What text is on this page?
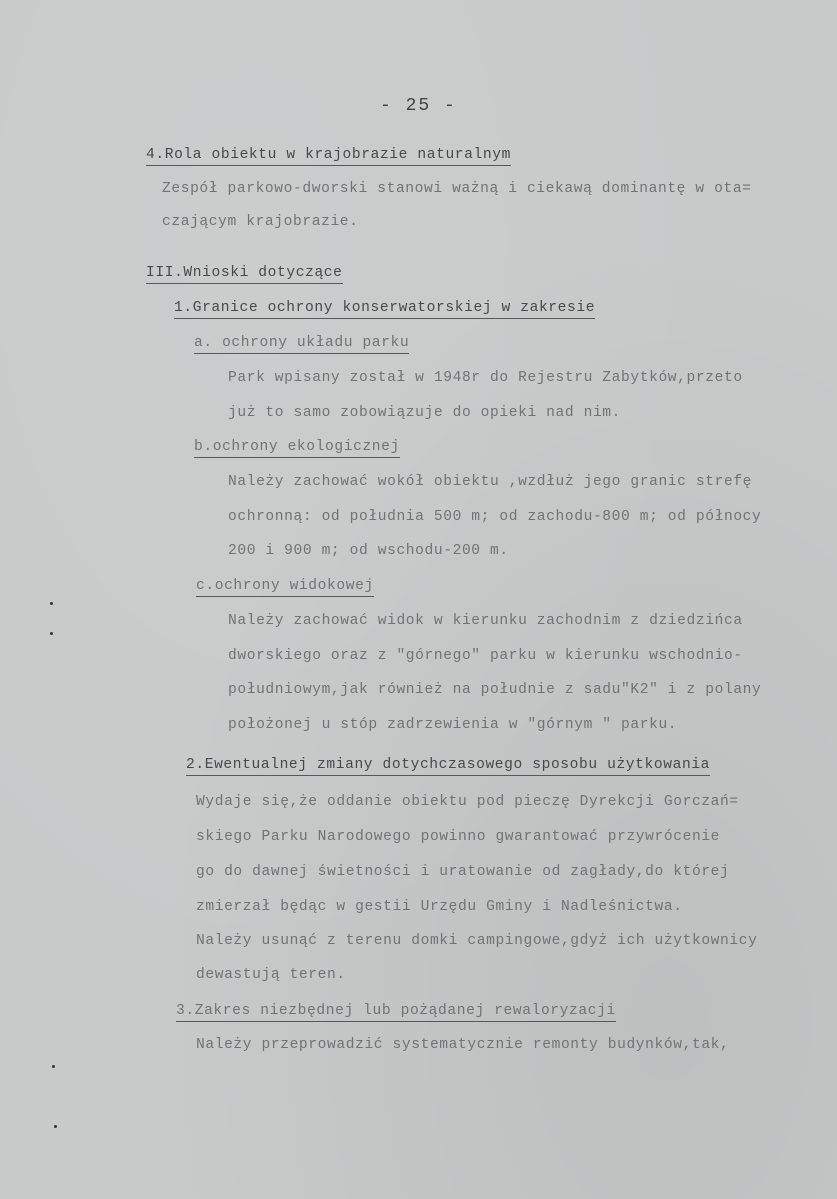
- 25 -
4.Rola obiektu w krajobrazie naturalnym
Zespół parkowo-dworski stanowi ważną i ciekawą dominantę w ota=
czającym krajobrazie.
III.Wnioski dotyczące
1.Granice ochrony konserwatorskiej w zakresie
a. ochrony układu parku
Park wpisany został w 1948r do Rejestru Zabytków,przeto
już to samo zobowiązuje do opieki nad nim.
b.ochrony ekologicznej
Należy zachować wokół obiektu ,wzdłuż jego granic strefę
ochronną: od południa 500 m; od zachodu-800 m; od północy
200 i 900 m; od wschodu-200 m.
c.ochrony widokowej
Należy zachować widok w kierunku zachodnim z dziedzińca
dworskiego oraz z "górnego" parku w kierunku wschodnio-
południowym,jak również na południe z sadu"K2" i z polany
położonej u stóp zadrzewienia w "górnym " parku.
2.Ewentualnej zmiany dotychczasowego sposobu użytkowania
Wydaje się,że oddanie obiektu pod pieczę Dyrekcji Gorczań=
skiego Parku Narodowego powinno gwarantować przywrócenie
go do dawnej świetności i uratowanie od zagłady,do której
zmierzał będąc w gestii Urzędu Gminy i Nadleśnictwa.
Należy usunąć z terenu domki campingowe,gdyż ich użytkownicy
dewastują teren.
3.Zakres niezbędnej lub pożądanej rewaloryzacji
Należy przeprowadzić systematycznie remonty budynków,tak,
